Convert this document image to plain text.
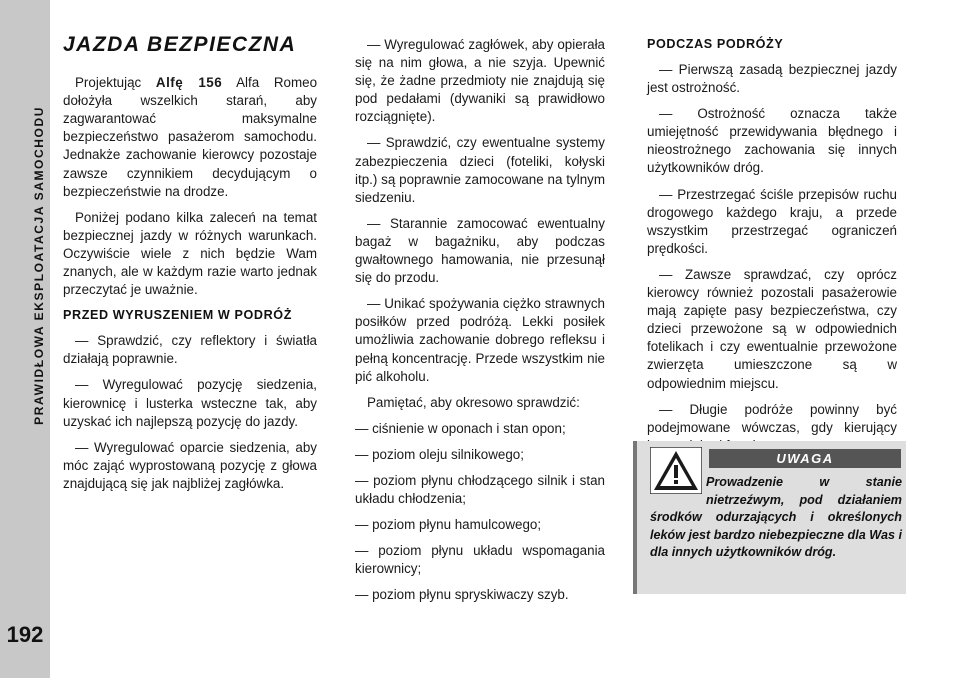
PRAWIDŁOWA EKSPLOATACJA SAMOCHODU
192
JAZDA BEZPIECZNA

Projektując Alfę 156 Alfa Romeo dołożyła wszelkich starań, aby zagwarantować maksymalne bezpieczeństwo pasażerom samochodu. Jednakże zachowanie kierowcy pozostaje zawsze czynnikiem decydującym o bezpieczeństwie na drodze.

Poniżej podano kilka zaleceń na temat bezpiecznej jazdy w różnych warunkach. Oczywiście wiele z nich będzie Wam znanych, ale w każdym razie warto jednak przeczytać je uważnie.

PRZED WYRUSZENIEM W PODRÓŻ

— Sprawdzić, czy reflektory i światła działają poprawnie.

— Wyregulować pozycję siedzenia, kierownicę i lusterka wsteczne tak, aby uzyskać ich najlepszą pozycję do jazdy.

— Wyregulować oparcie siedzenia, aby móc zająć wyprostowaną pozycję z głowa znajdującą się jak najbliżej zagłówka.

— Wyregulować zagłówek, aby opierała się na nim głowa, a nie szyja. Upewnić się, że żadne przedmioty nie znajdują się pod pedałami (dywaniki są prawidłowo rozciągnięte).

— Sprawdzić, czy ewentualne systemy zabezpieczenia dzieci (foteliki, kołyski itp.) są poprawnie zamocowane na tylnym siedzeniu.

— Starannie zamocować ewentualny bagaż w bagażniku, aby podczas gwałtownego hamowania, nie przesunął się do przodu.

— Unikać spożywania ciężko strawnych posiłków przed podróżą. Lekki posiłek umożliwia zachowanie dobrego refleksu i pełną koncentrację. Przede wszystkim nie pić alkoholu.

Pamiętać, aby okresowo sprawdzić:

— ciśnienie w oponach i stan opon;

— poziom oleju silnikowego;

— poziom płynu chłodzącego silnik i stan układu chłodzenia;

— poziom płynu hamulcowego;

— poziom płynu układu wspomagania kierownicy;

— poziom płynu spryskiwaczy szyb.

PODCZAS PODRÓŻY

— Pierwszą zasadą bezpiecznej jazdy jest ostrożność.

— Ostrożność oznacza także umiejętność przewidywania błędnego i nieostrożnego zachowania się innych użytkowników dróg.

— Przestrzegać ściśle przepisów ruchu drogowego każdego kraju, a przede wszystkim przestrzegać ograniczeń prędkości.

— Zawsze sprawdzać, czy oprócz kierowcy również pozostali pasażerowie mają zapięte pasy bezpieczeństwa, czy dzieci przewożone są w odpowiednich fotelikach i czy ewentualnie przewożone zwierzęta umieszczone są w odpowiednim miejscu.

— Długie podróże powinny być podejmowane wówczas, gdy kierujący

UWAGA
Prowadzenie w stanie nietrzeźwym, pod działaniem środków odurzających i określonych leków jest bardzo niebezpieczne dla Was i dla innych użytkowników dróg.
